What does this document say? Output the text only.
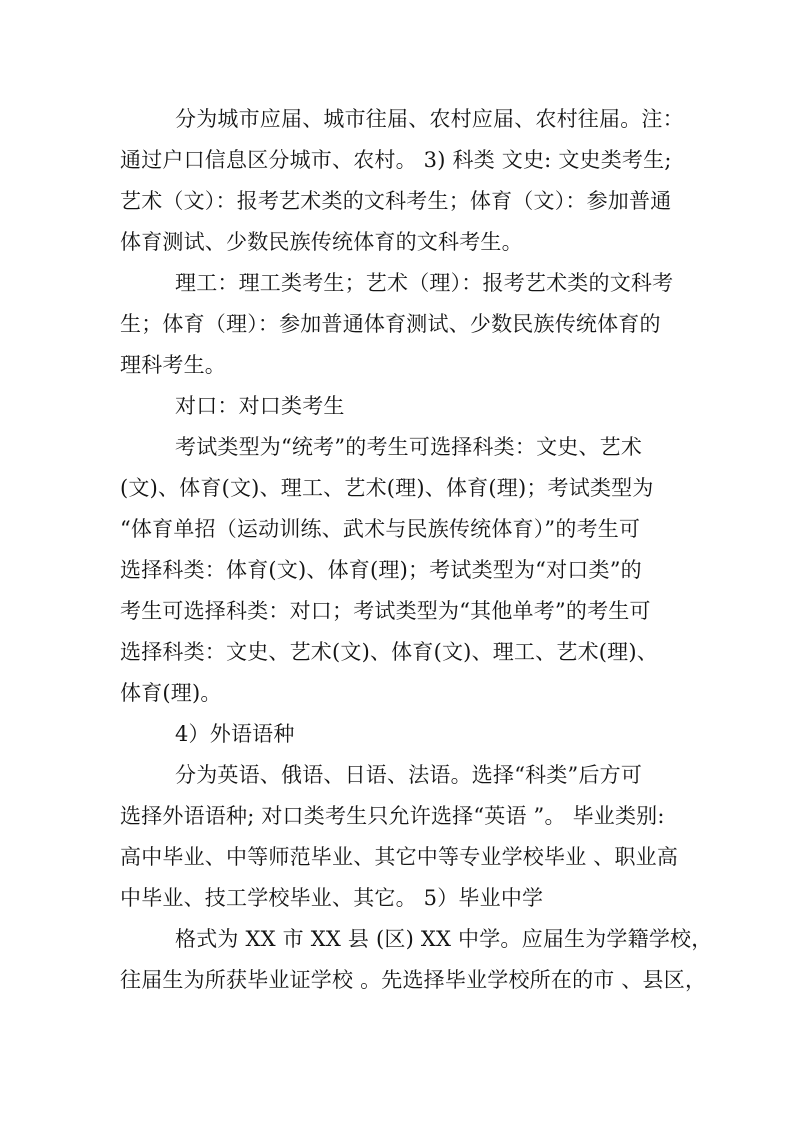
分为城市应届、城市往届、农村应届、农村往届。注：
通过户口信息区分城市、农村。 3) 科类 文史: 文史类考生;
艺术（文）：报考艺术类的文科考生；体育（文）：参加普通
体育测试、少数民族传统体育的文科考生。
理工：理工类考生；艺术（理）：报考艺术类的文科考
生；体育（理）：参加普通体育测试、少数民族传统体育的
理科考生。
对口：对口类考生
考试类型为“统考”的考生可选择科类：文史、艺术
(文)、体育(文)、理工、艺术(理)、体育(理)；考试类型为
“体育单招（运动训练、武术与民族传统体育）”的考生可
选择科类：体育(文)、体育(理)；考试类型为“对口类”的
考生可选择科类：对口；考试类型为“其他单考”的考生可
选择科类：文史、艺术(文)、体育(文)、理工、艺术(理)、
体育(理)。
4）外语语种
分为英语、俄语、日语、法语。选择“科类”后方可
选择外语语种; 对口类考生只允许选择“英语 ”。 毕业类别:
高中毕业、中等师范毕业、其它中等专业学校毕业 、职业高
中毕业、技工学校毕业、其它。 5）毕业中学
格式为 XX 市 XX 县 (区) XX 中学。应届生为学籍学校，
往届生为所获毕业证学校 。先选择毕业学校所在的市 、县区，
